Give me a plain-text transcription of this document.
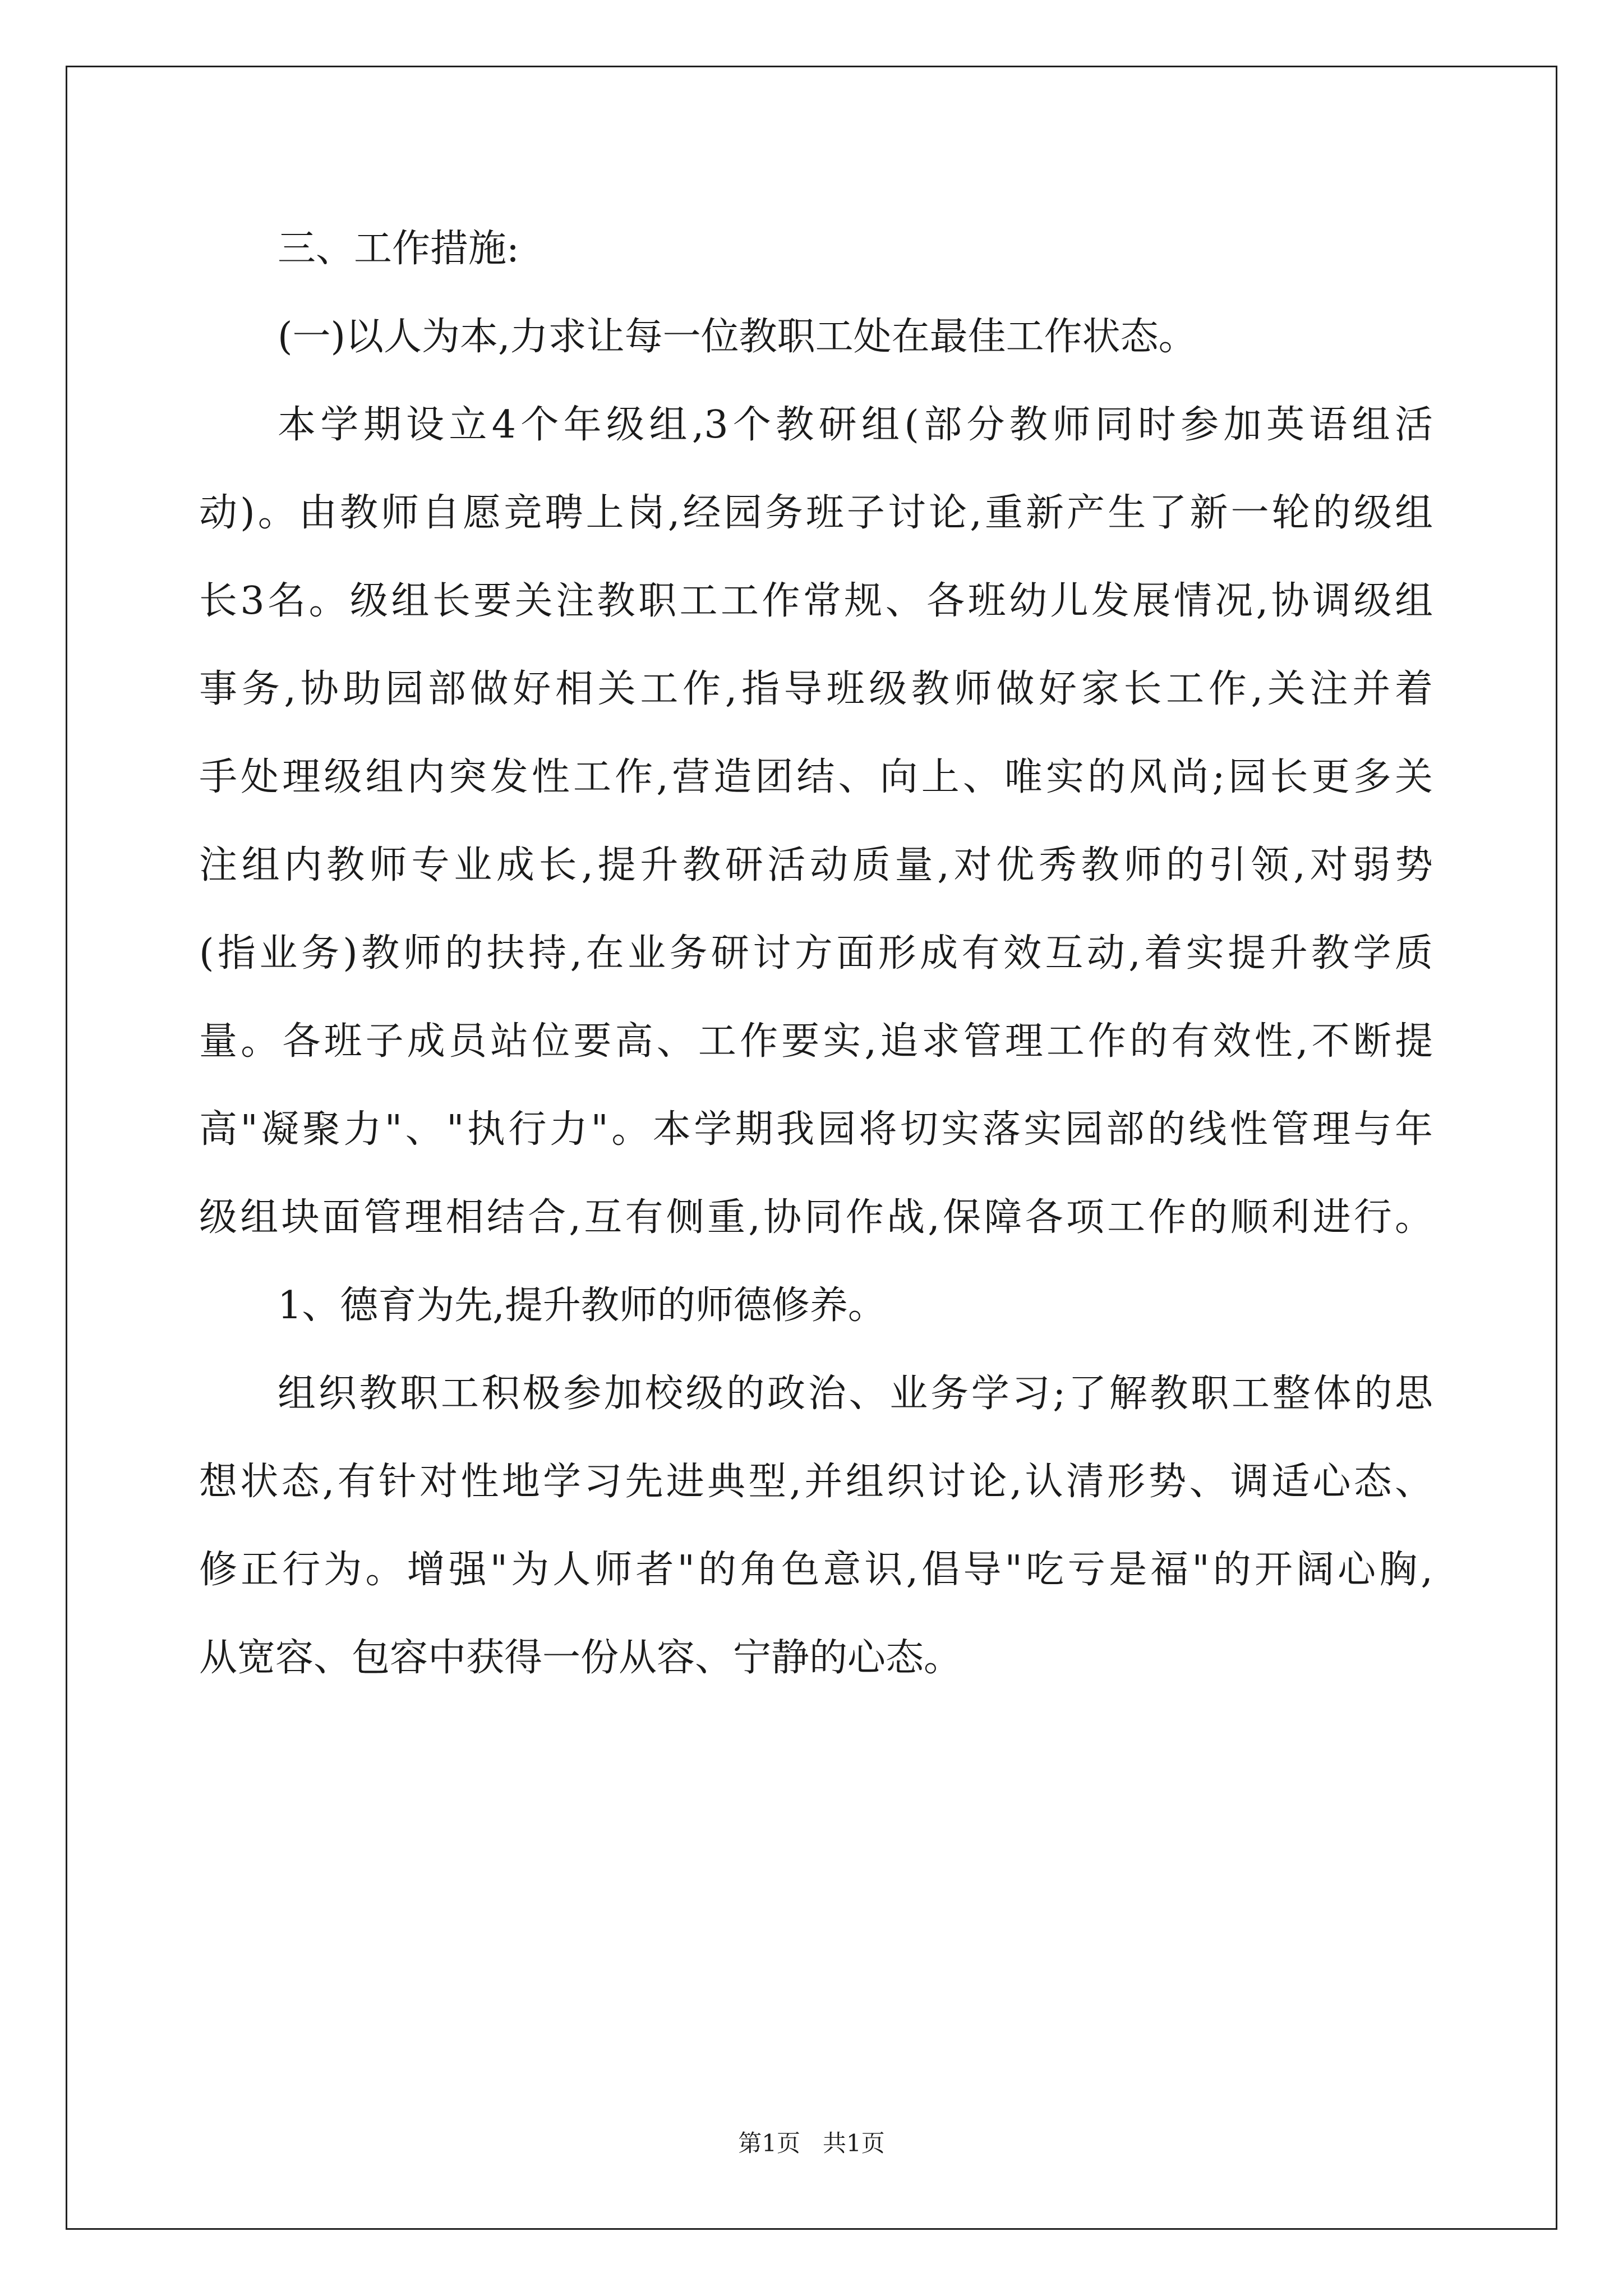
三、工作措施:
(一)以人为本,力求让每一位教职工处在最佳工作状态。
本学期设立4个年级组,3个教研组(部分教师同时参加英语组活
动)。由教师自愿竞聘上岗,经园务班子讨论,重新产生了新一轮的级组
长3名。级组长要关注教职工工作常规、各班幼儿发展情况,协调级组
事务,协助园部做好相关工作,指导班级教师做好家长工作,关注并着
手处理级组内突发性工作,营造团结、向上、唯实的风尚;园长更多关
注组内教师专业成长,提升教研活动质量,对优秀教师的引领,对弱势
(指业务)教师的扶持,在业务研讨方面形成有效互动,着实提升教学质
量。各班子成员站位要高、工作要实,追求管理工作的有效性,不断提
高"凝聚力"、"执行力"。本学期我园将切实落实园部的线性管理与年
级组块面管理相结合,互有侧重,协同作战,保障各项工作的顺利进行。
1、德育为先,提升教师的师德修养。
组织教职工积极参加校级的政治、业务学习;了解教职工整体的思
想状态,有针对性地学习先进典型,并组织讨论,认清形势、调适心态、
修正行为。增强"为人师者"的角色意识,倡导"吃亏是福"的开阔心胸,
从宽容、包容中获得一份从容、宁静的心态。
第1页   共1页
